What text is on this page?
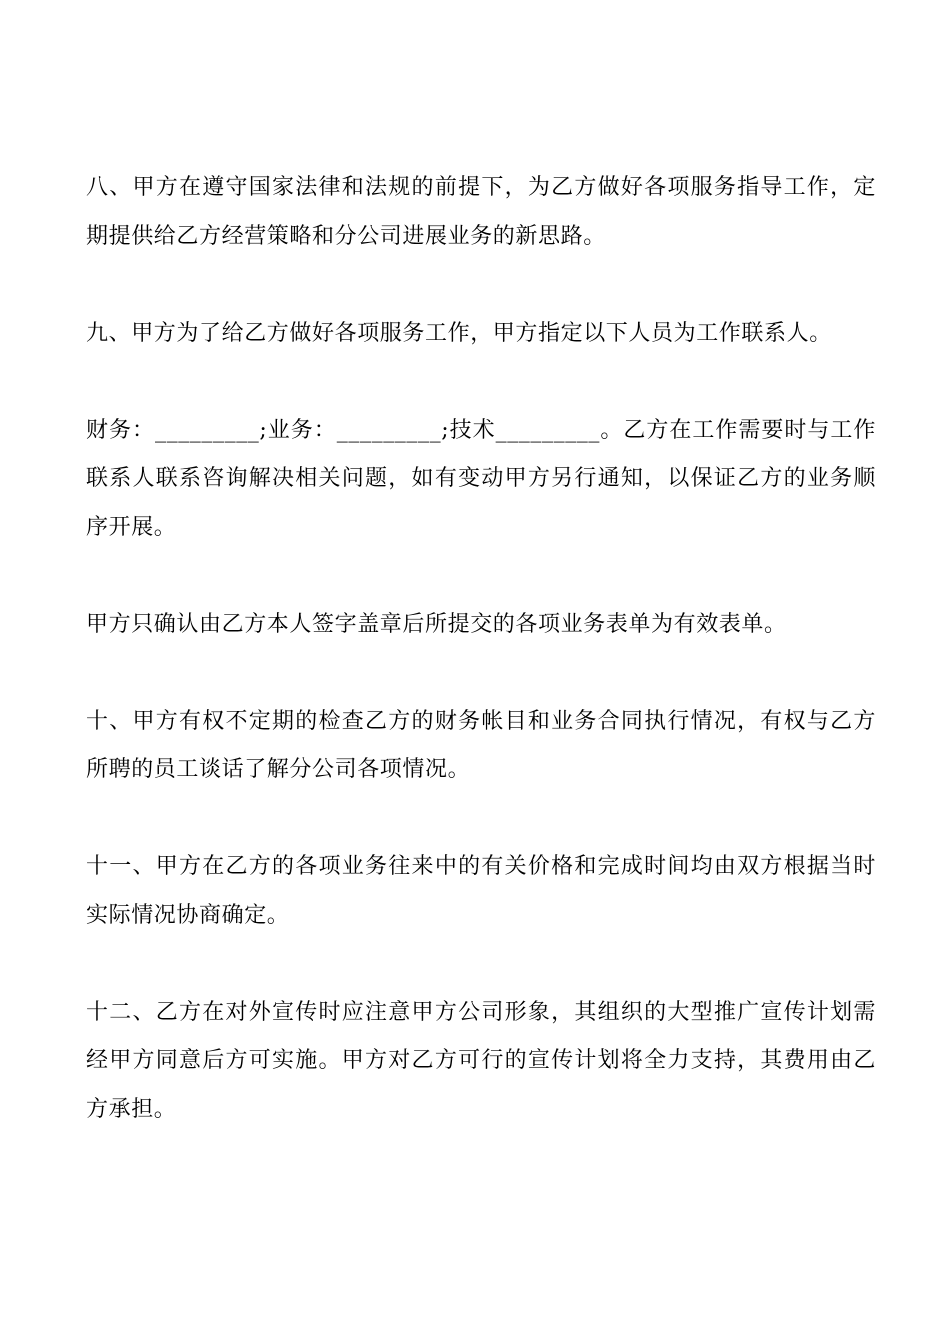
八、甲方在遵守国家法律和法规的前提下，为乙方做好各项服务指导工作，定期提供给乙方经营策略和分公司进展业务的新思路。

九、甲方为了给乙方做好各项服务工作，甲方指定以下人员为工作联系人。

财务：_________;业务：_________;技术_________。乙方在工作需要时与工作联系人联系咨询解决相关问题，如有变动甲方另行通知，以保证乙方的业务顺序开展。

甲方只确认由乙方本人签字盖章后所提交的各项业务表单为有效表单。

十、甲方有权不定期的检查乙方的财务帐目和业务合同执行情况，有权与乙方所聘的员工谈话了解分公司各项情况。

十一、甲方在乙方的各项业务往来中的有关价格和完成时间均由双方根据当时实际情况协商确定。

十二、乙方在对外宣传时应注意甲方公司形象，其组织的大型推广宣传计划需经甲方同意后方可实施。甲方对乙方可行的宣传计划将全力支持，其费用由乙方承担。
